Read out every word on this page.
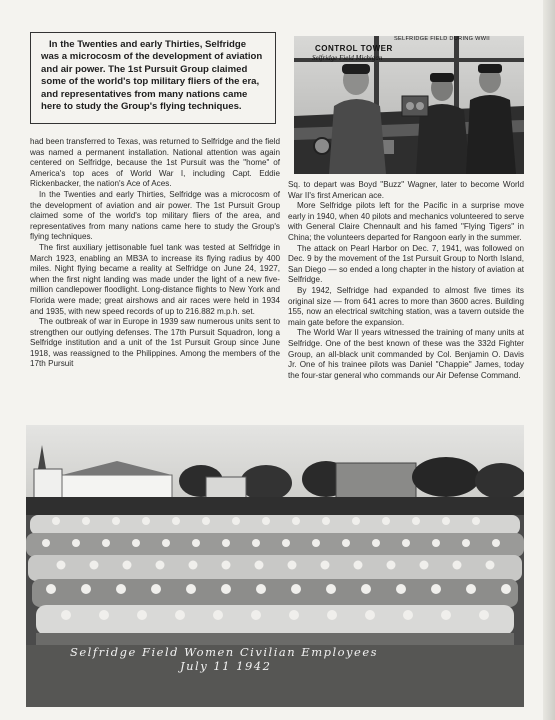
In the Twenties and early Thirties, Selfridge was a microcosm of the development of aviation and air power. The 1st Pursuit Group claimed some of the world's top military fliers of the era, and representatives from many nations came here to study the Group's flying techniques.

had been transferred to Texas, was returned to Selfridge and the field was named a permanent installation. National attention was again centered on Selfridge, because the 1st Pursuit was the "home" of America's top aces of World War I, including Capt. Eddie Rickenbacker, the nation's Ace of Aces.

In the Twenties and early Thirties, Selfridge was a microcosm of the development of aviation and air power. The 1st Pursuit Group claimed some of the world's top military fliers of the area, and representatives from many nations came here to study the Group's flying techniques.

The first auxiliary jettisonable fuel tank was tested at Selfridge in March 1923, enabling an MB3A to increase its flying radius by 400 miles. Night flying became a reality at Selfridge on June 24, 1927, when the first night landing was made under the light of a new five-million candlepower floodlight. Long-distance flights to New York and Florida were made; great airshows and air races were held in 1934 and 1935, with new speed records of up to 216.882 m.p.h. set.

The outbreak of war in Europe in 1939 saw numerous units sent to strengthen our outlying defenses. The 17th Pursuit Squadron, long a Selfridge institution and a unit of the 1st Pursuit Group since June 1918, was reassigned to the Philippines. Among the members of the 17th Pursuit

SELFRIDGE FIELD DURING WWII
CONTROL TOWER
Selfridge Field Michigan

Sq. to depart was Boyd "Buzz" Wagner, later to become World War II's first American ace.

More Selfridge pilots left for the Pacific in a surprise move early in 1940, when 40 pilots and mechanics volunteered to serve with General Claire Chennault and his famed "Flying Tigers" in China; the volunteers departed for Rangoon early in the summer.

The attack on Pearl Harbor on Dec. 7, 1941, was followed on Dec. 9 by the movement of the 1st Pursuit Group to North Island, San Diego — so ended a long chapter in the history of aviation at Selfridge.

By 1942, Selfridge had expanded to almost five times its original size — from 641 acres to more than 3600 acres. Building 155, now an electrical switching station, was a tavern outside the main gate before the expansion.

The World War II years witnessed the training of many units at Selfridge. One of the best known of these was the 332d Fighter Group, an all-black unit commanded by Col. Benjamin O. Davis Jr. One of his trainee pilots was Daniel "Chappie" James, today the four-star general who commands our Air Defense Command.

Selfridge Field Women Civilian Employees
July 11 1942
